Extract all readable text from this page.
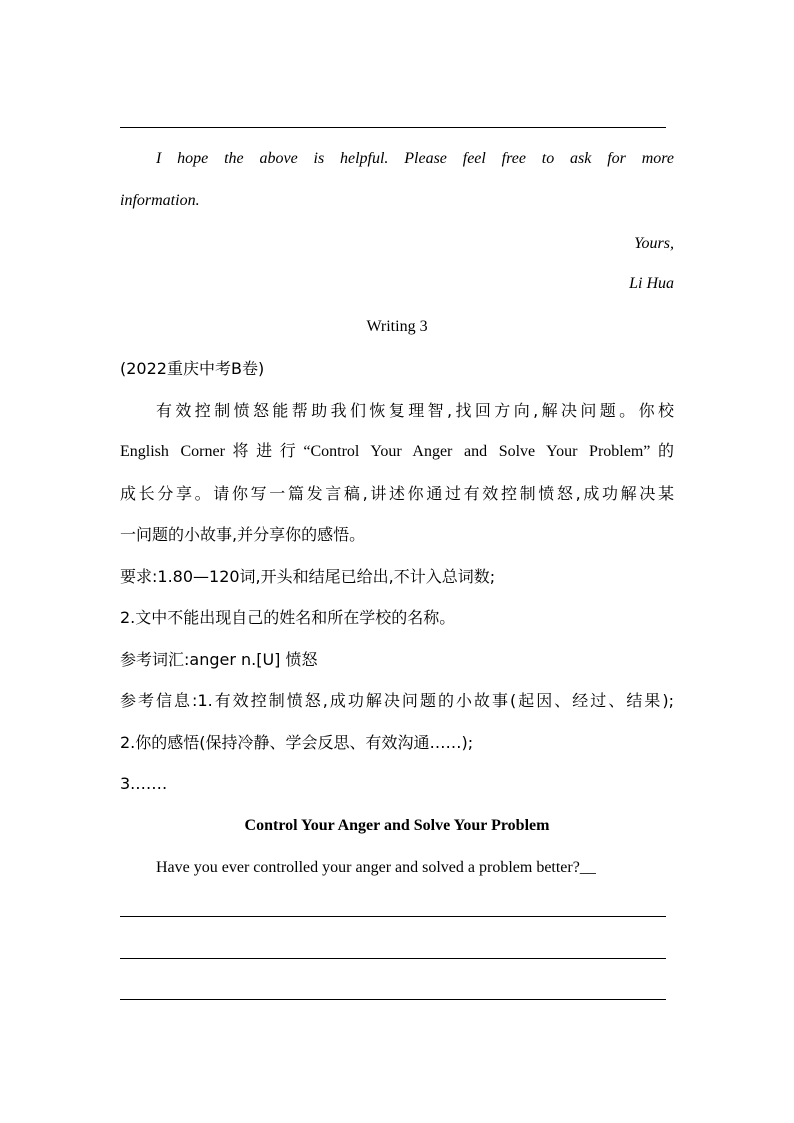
I hope the above is helpful. Please feel free to ask for more
information.
Yours,
Li Hua
Writing 3
(2022重庆中考B卷)
有效控制愤怒能帮助我们恢复理智,找回方向,解决问题。你校
English Corner将进行“Control Your Anger and Solve Your Problem”的
成长分享。请你写一篇发言稿,讲述你通过有效控制愤怒,成功解决某
一问题的小故事,并分享你的感悟。
要求:1.80—120词,开头和结尾已给出,不计入总词数;
2.文中不能出现自己的姓名和所在学校的名称。
参考词汇:anger n.[U] 愤怒
参考信息:1.有效控制愤怒,成功解决问题的小故事(起因、经过、结果);
2.你的感悟(保持冷静、学会反思、有效沟通……);
3.……
Control Your Anger and Solve Your Problem
Have you ever controlled your anger and solved a problem better?__
